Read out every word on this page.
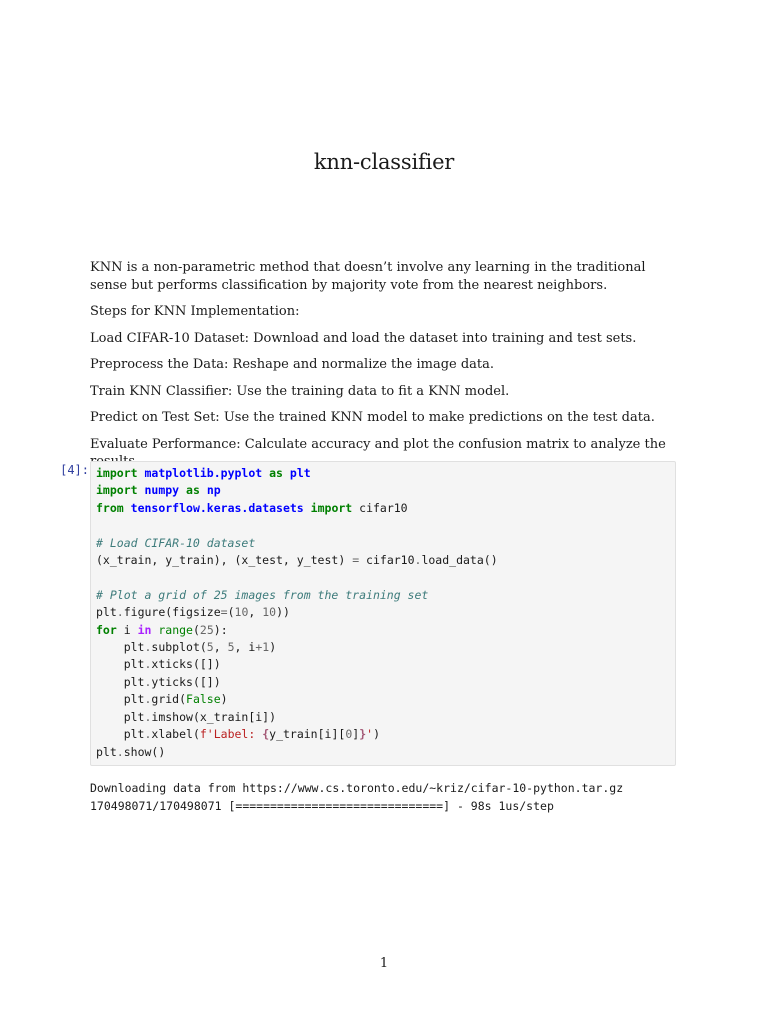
knn-classifier

KNN is a non-parametric method that doesn’t involve any learning in the traditional sense but performs classification by majority vote from the nearest neighbors.

Steps for KNN Implementation:

Load CIFAR-10 Dataset: Download and load the dataset into training and test sets.

Preprocess the Data: Reshape and normalize the image data.

Train KNN Classifier: Use the training data to fit a KNN model.

Predict on Test Set: Use the trained KNN model to make predictions on the test data.

Evaluate Performance: Calculate accuracy and plot the confusion matrix to analyze the

[4]: import matplotlib.pyplot as plt
import numpy as np
from tensorflow.keras.datasets import cifar10

# Load CIFAR-10 dataset
(x_train, y_train), (x_test, y_test) = cifar10.load_data()

# Plot a grid of 25 images from the training set
plt.figure(figsize=(10, 10))
for i in range(25):
plt.subplot(5, 5, i+1)
plt.xticks([])
plt.yticks([])
plt.grid(False)
plt.imshow(x_train[i])
plt.xlabel(f'Label: {y_train[i][0]}')
plt.show()
Downloading data from https://www.cs.toronto.edu/~kriz/cifar-10-python.tar.gz
170498071/170498071 [==============================] - 98s 1us/step
1
